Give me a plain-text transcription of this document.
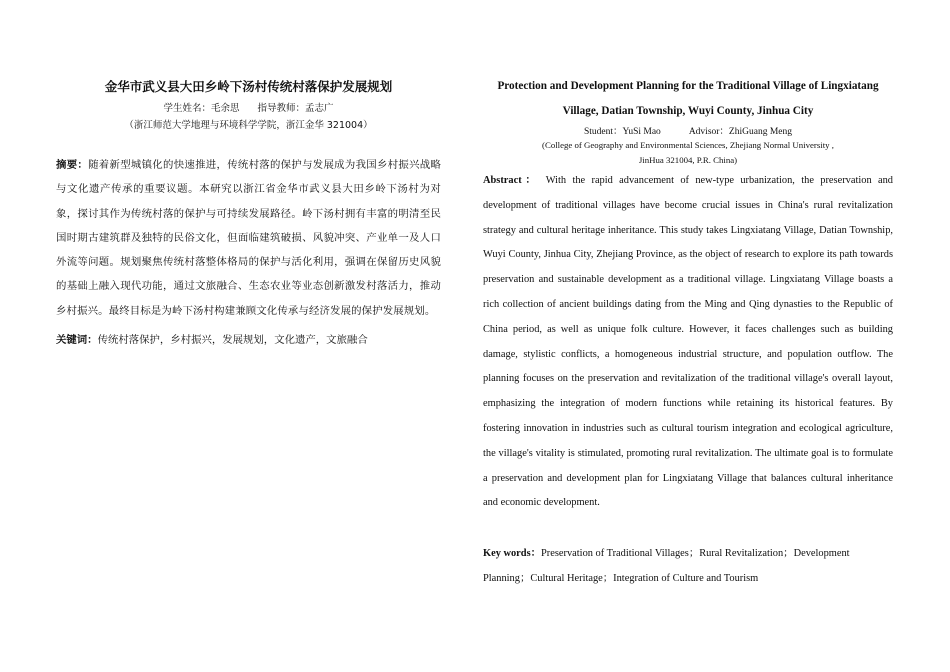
金华市武义县大田乡岭下汤村传统村落保护发展规划
学生姓名：毛余思 指导教师：孟志广
（浙江师范大学地理与环境科学学院，浙江金华 321004）
摘要：随着新型城镇化的快速推进，传统村落的保护与发展成为我国乡村振兴战略与文化遗产传承的重要议题。本研究以浙江省金华市武义县大田乡岭下汤村为对象，探讨其作为传统村落的保护与可持续发展路径。岭下汤村拥有丰富的明清至民国时期古建筑群及独特的民俗文化，但面临建筑破损、风貌冲突、产业单一及人口外流等问题。规划聚焦传统村落整体格局的保护与活化利用，强调在保留历史风貌的基础上融入现代功能，通过文旅融合、生态农业等业态创新激发村落活力，推动乡村振兴。最终目标是为岭下汤村构建兼顾文化传承与经济发展的保护发展规划。
关键词：传统村落保护，乡村振兴，发展规划，文化遗产，文旅融合
Protection and Development Planning for the Traditional Village of Lingxiatang
Village, Datian Township, Wuyi County, Jinhua City
Student：YuSi Mao	Advisor：ZhiGuang Meng
(College of Geography and Environmental Sciences, Zhejiang Normal University ,
JinHua 321004, P.R. China)
Abstract： With the rapid advancement of new-type urbanization, the preservation and development of traditional villages have become crucial issues in China's rural revitalization strategy and cultural heritage inheritance. This study takes Lingxiatang Village, Datian Township, Wuyi County, Jinhua City, Zhejiang Province, as the object of research to explore its path towards preservation and sustainable development as a traditional village. Lingxiatang Village boasts a rich collection of ancient buildings dating from the Ming and Qing dynasties to the Republic of China period, as well as unique folk culture. However, it faces challenges such as building damage, stylistic conflicts, a homogeneous industrial structure, and population outflow. The planning focuses on the preservation and revitalization of the traditional village's overall layout, emphasizing the integration of modern functions while retaining its historical features. By fostering innovation in industries such as cultural tourism integration and ecological agriculture, the village's vitality is stimulated, promoting rural revitalization. The ultimate goal is to formulate a preservation and development plan for Lingxiatang Village that balances cultural inheritance and economic development.
Key words：Preservation of Traditional Villages；Rural Revitalization；Development Planning；Cultural Heritage；Integration of Culture and Tourism
